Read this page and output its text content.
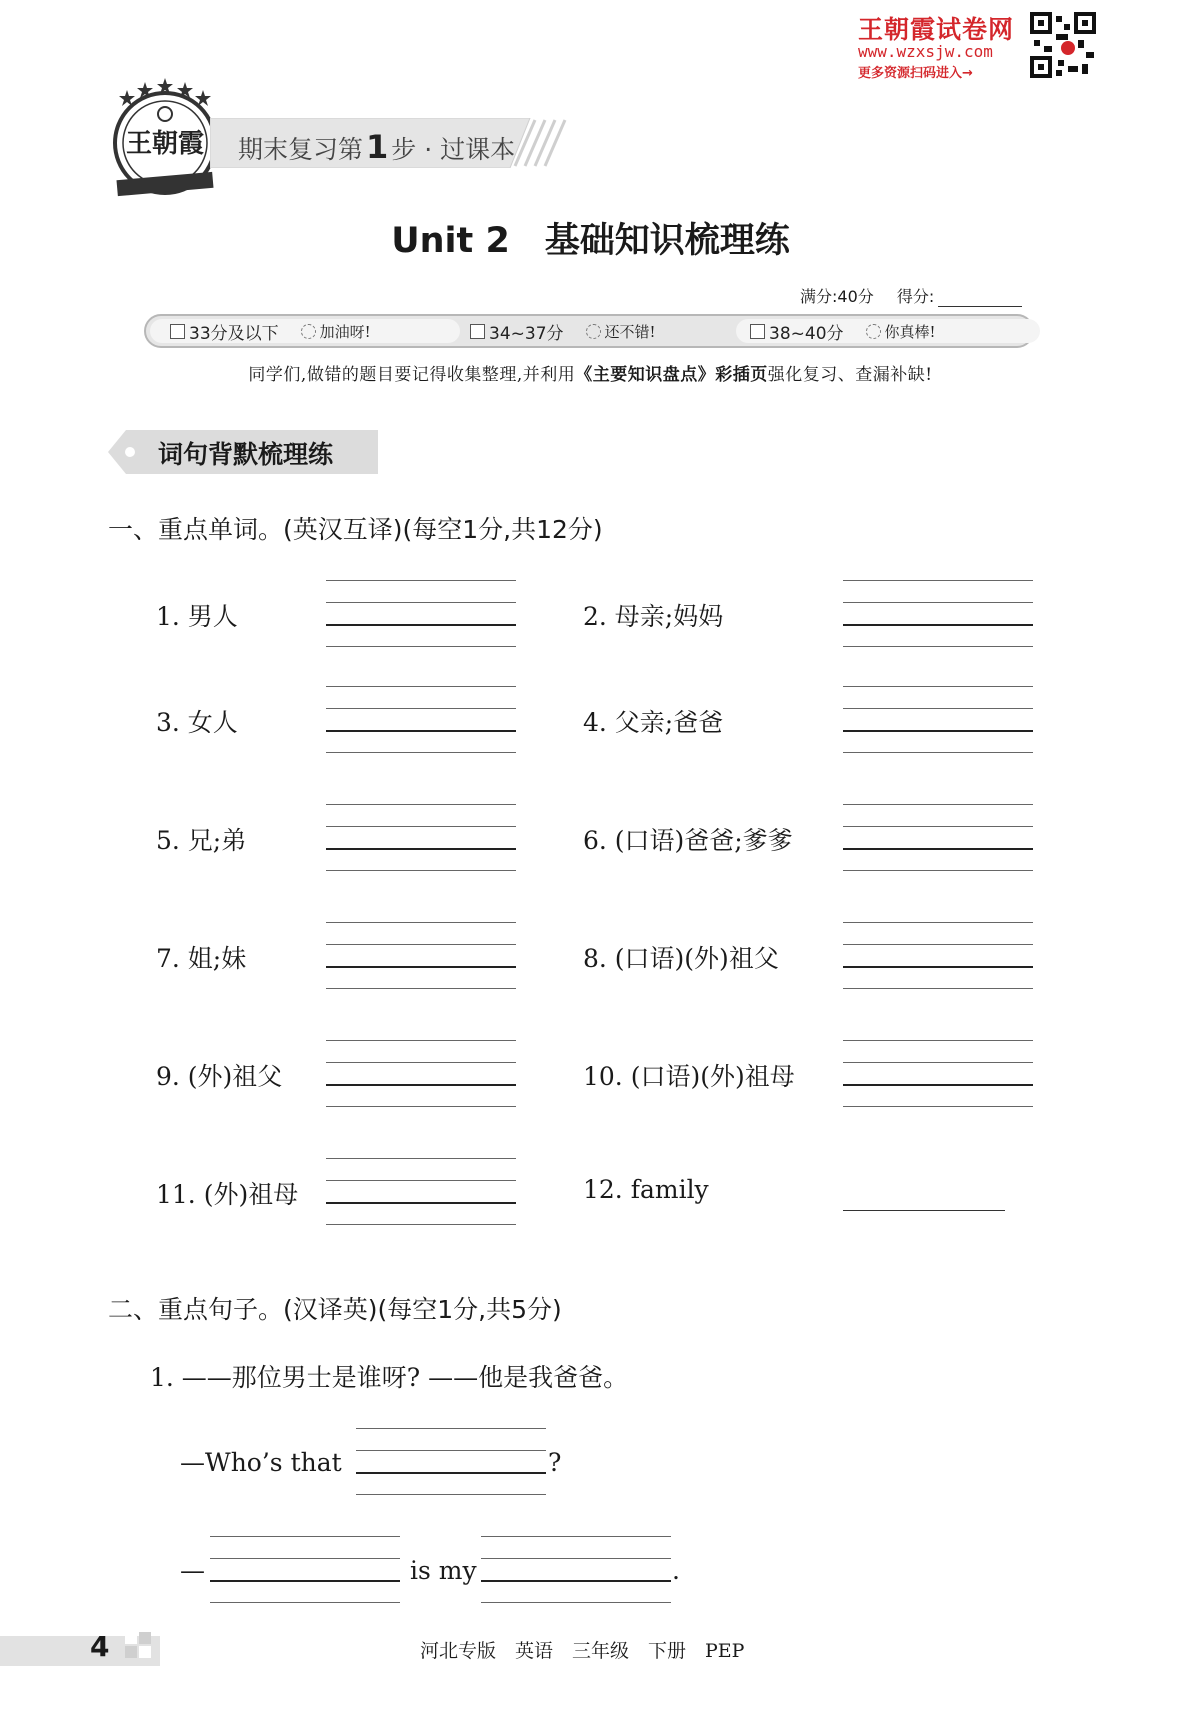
王朝霞试卷网
www.wzxsjw.com
更多资源扫码进入→
王朝霞 期末复习第1 步 · 过课本
Unit 2　基础知识梳理练
满分:40分 得分:
33分及以下	加油呀!	34~37分	还不错!	38~40分	你真棒!
同学们,做错的题目要记得收集整理,并利用《主要知识盘点》彩插页强化复习、查漏补缺!
词句背默梳理练
一、重点单词。(英汉互译)(每空1分,共12分)
1. 男人	2. 母亲;妈妈
3. 女人	4. 父亲;爸爸
5. 兄;弟	6. (口语)爸爸;爹爹
7. 姐;妹	8. (口语)(外)祖父
9. (外)祖父	10. (口语)(外)祖母
11. (外)祖母	12. family
二、重点句子。(汉译英)(每空1分,共5分)
1. ——那位男士是谁呀? ——他是我爸爸。
—Who’s that	?
—	is my	.
4	河北专版　英语　三年级　下册　PEP
